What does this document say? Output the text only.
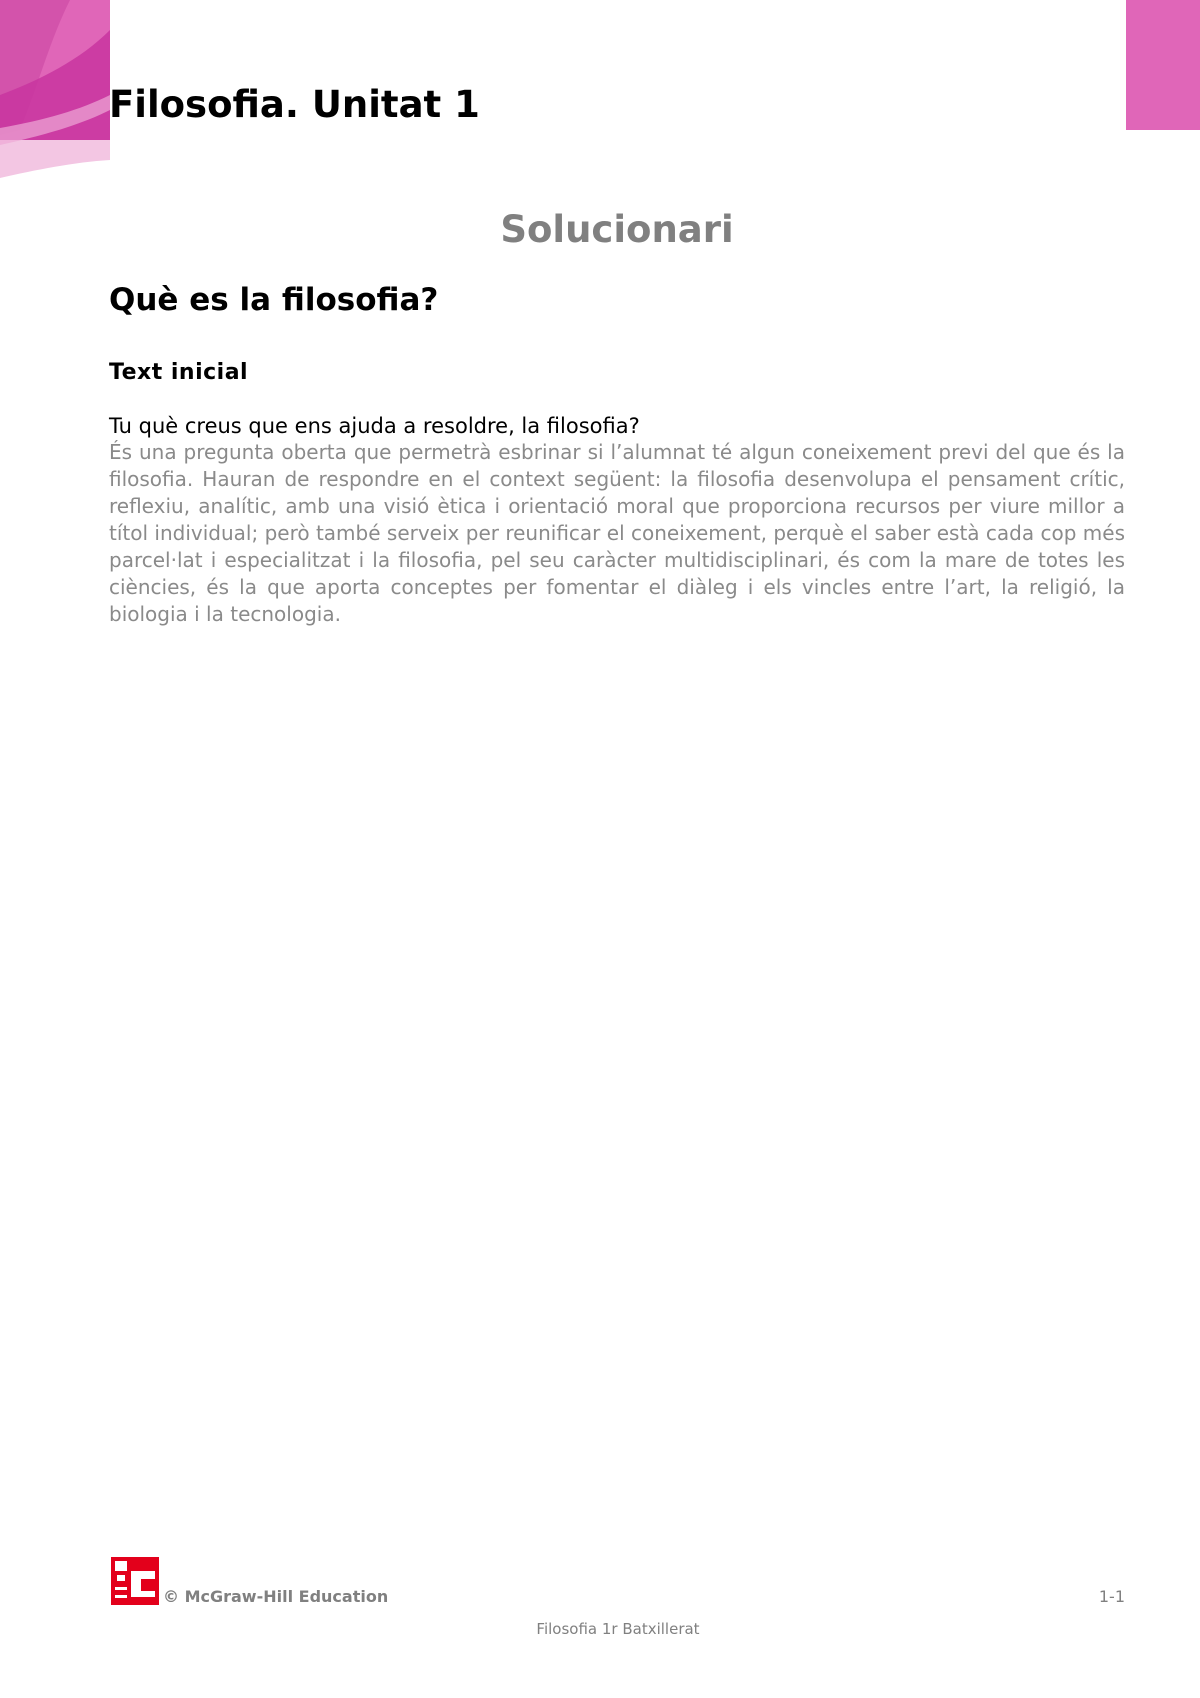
Filosofia. Unitat 1
Solucionari
Què es la filosofia?
Text inicial

Tu què creus que ens ajuda a resoldre, la filosofia?

És una pregunta oberta que permetrà esbrinar si l’alumnat té algun coneixement previ del que és la filosofia. Hauran de respondre en el context següent: la filosofia desenvolupa el pensament crític, reflexiu, analític, amb una visió ètica i orientació moral que proporciona recursos per viure millor a títol individual; però també serveix per reunificar el coneixement, perquè el saber està cada cop més parcel·lat i especialitzat i la filosofia, pel seu caràcter multidisciplinari, és com la mare de totes les ciències, és la que aporta conceptes per fomentar el diàleg i els vincles entre l’art, la religió, la biologia i la tecnologia.

© McGraw-Hill Education	1-1
Filosofia 1r Batxillerat
